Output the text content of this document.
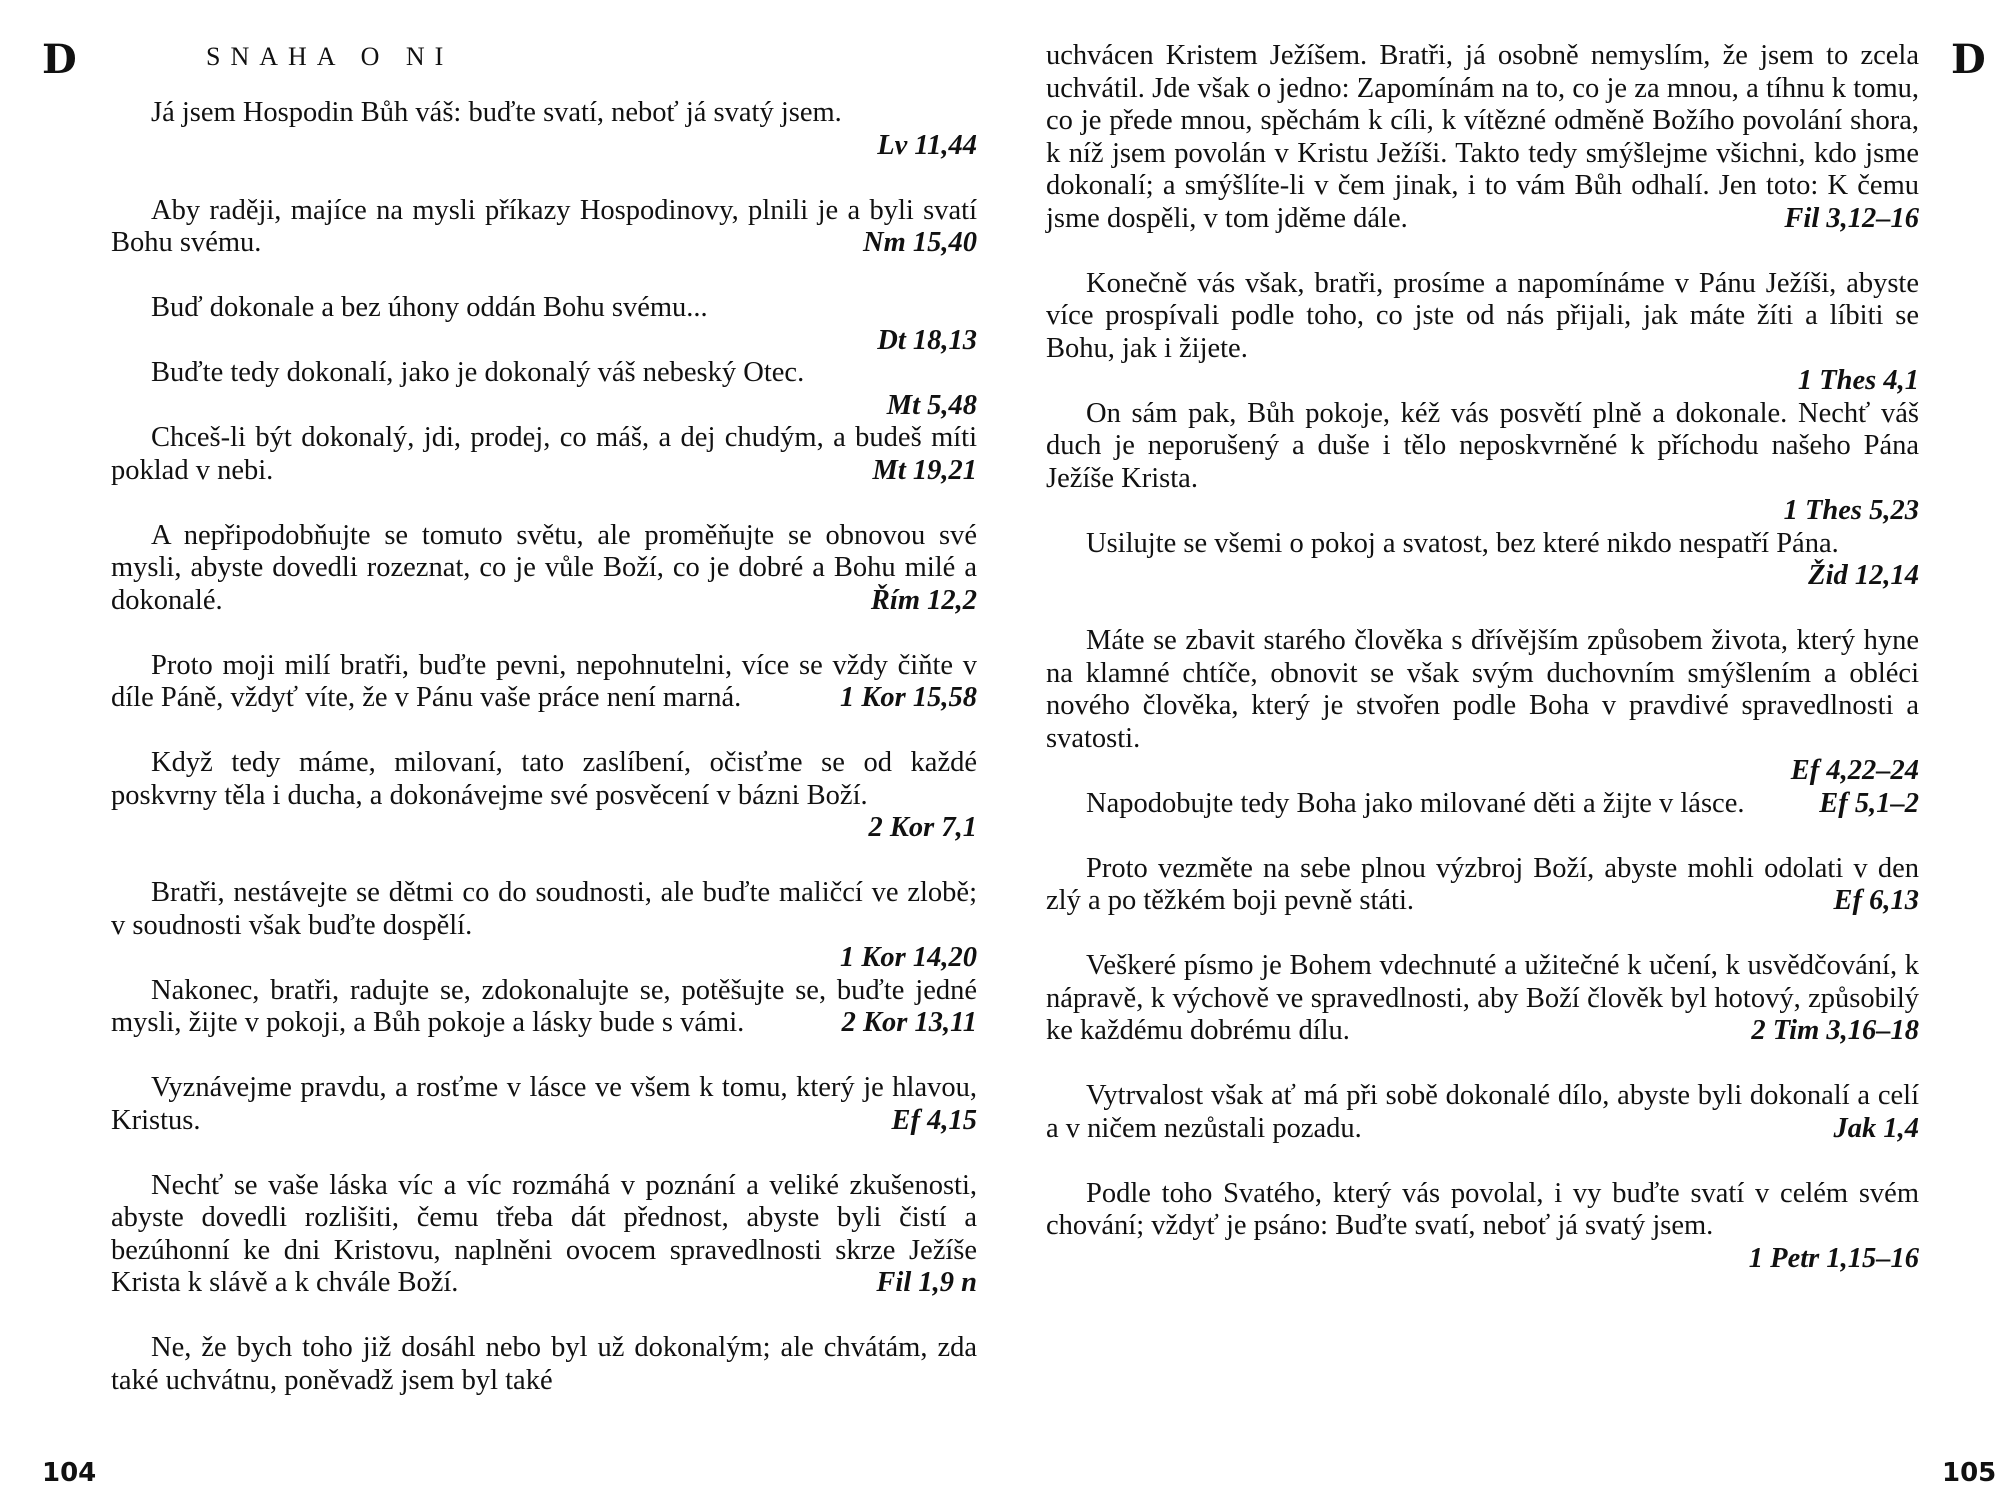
D	SNAHA O NI
Já jsem Hospodin Bůh váš: buďte svatí, neboť já svatý jsem.
Lv 11,44
Aby raději, majíce na mysli příkazy Hospodinovy, plnili je a byli svatí Bohu svému.	Nm 15,40
Buď dokonale a bez úhony oddán Bohu svému...
Dt 18,13
Buďte tedy dokonalí, jako je dokonalý váš nebeský Otec.
Mt 5,48
Chceš-li být dokonalý, jdi, prodej, co máš, a dej chudým, a budeš míti poklad v nebi.	Mt 19,21
A nepřipodobňujte se tomuto světu, ale proměňujte se obnovou své mysli, abyste dovedli rozeznat, co je vůle Boží, co je dobré a Bohu milé a dokonalé.	Řím 12,2
Proto moji milí bratři, buďte pevni, nepohnutelni, více se vždy čiňte v díle Páně, vždyť víte, že v Pánu vaše práce není marná.	1 Kor 15,58
Když tedy máme, milovaní, tato zaslíbení, očisťme se od každé poskvrny těla i ducha, a dokonávejme své posvěcení v bázni Boží.
2 Kor 7,1
Bratři, nestávejte se dětmi co do soudnosti, ale buďte maličcí ve zlobě; v soudnosti však buďte dospělí.
1 Kor 14,20
Nakonec, bratři, radujte se, zdokonalujte se, potěšujte se, buďte jedné mysli, žijte v pokoji, a Bůh pokoje a lásky bude s vámi.	2 Kor 13,11
Vyznávejme pravdu, a rosťme v lásce ve všem k tomu, který je hlavou, Kristus.	Ef 4,15
Nechť se vaše láska víc a víc rozmáhá v poznání a veliké zkušenosti, abyste dovedli rozlišiti, čemu třeba dát přednost, abyste byli čistí a bezúhonní ke dni Kristovu, naplněni ovocem spravedlnosti skrze Ježíše Krista k slávě a k chvále Boží.	Fil 1,9 n
Ne, že bych toho již dosáhl nebo byl už dokonalým; ale chvátám, zda také uchvátnu, poněvadž jsem byl také
104
D
uchvácen Kristem Ježíšem. Bratři, já osobně nemyslím, že jsem to zcela uchvátil. Jde však o jedno: Zapomínám na to, co je za mnou, a tíhnu k tomu, co je přede mnou, spěchám k cíli, k vítězné odměně Božího povolání shora, k níž jsem povolán v Kristu Ježíši. Takto tedy smýšlejme všichni, kdo jsme dokonalí; a smýšlíte-li v čem jinak, i to vám Bůh odhalí. Jen toto: K čemu jsme dospěli, v tom jděme dále.	Fil 3,12–16
Konečně vás však, bratři, prosíme a napomínáme v Pánu Ježíši, abyste více prospívali podle toho, co jste od nás přijali, jak máte žíti a líbiti se Bohu, jak i žijete.
1 Thes 4,1
On sám pak, Bůh pokoje, kéž vás posvětí plně a dokonale. Nechť váš duch je neporušený a duše i tělo neposkvrněné k příchodu našeho Pána Ježíše Krista.
1 Thes 5,23
Usilujte se všemi o pokoj a svatost, bez které nikdo nespatří Pána.
Žid 12,14
Máte se zbavit starého člověka s dřívějším způsobem života, který hyne na klamné chtíče, obnovit se však svým duchovním smýšlením a obléci nového člověka, který je stvořen podle Boha v pravdivé spravedlnosti a svatosti.
Ef 4,22–24
Napodobujte tedy Boha jako milované děti a žijte v lásce.	Ef 5,1–2
Proto vezměte na sebe plnou výzbroj Boží, abyste mohli odolati v den zlý a po těžkém boji pevně státi.	Ef 6,13
Veškeré písmo je Bohem vdechnuté a užitečné k učení, k usvědčování, k nápravě, k výchově ve spravedlnosti, aby Boží člověk byl hotový, způsobilý ke každému dobrému dílu.	2 Tim 3,16–18
Vytrvalost však ať má při sobě dokonalé dílo, abyste byli dokonalí a celí a v ničem nezůstali pozadu.	Jak 1,4
Podle toho Svatého, který vás povolal, i vy buďte svatí v celém svém chování; vždyť je psáno: Buďte svatí, neboť já svatý jsem.
1 Petr 1,15–16
105
